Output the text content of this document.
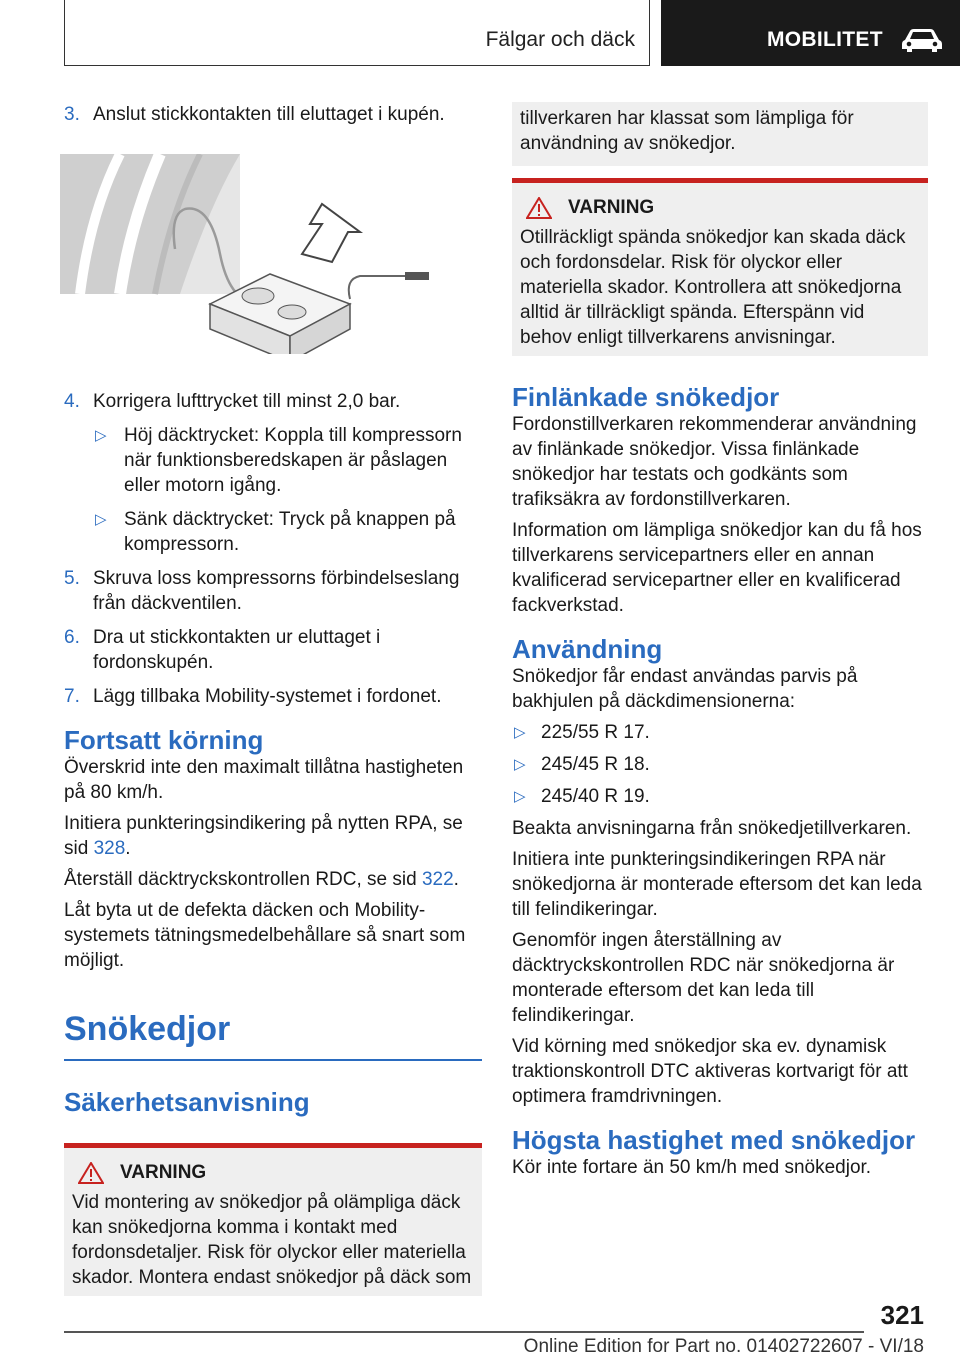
Fälgar och däck	MOBILITET
3. Anslut stickkontakten till eluttaget i kupén.
4. Korrigera lufttrycket till minst 2,0 bar.
▷ Höj däcktrycket: Koppla till kompressorn när funktionsberedskapen är påslagen eller motorn igång.
▷ Sänk däcktrycket: Tryck på knappen på kompressorn.
5. Skruva loss kompressorns förbindelseslang från däckventilen.
6. Dra ut stickkontakten ur eluttaget i fordonskupén.
7. Lägg tillbaka Mobility-systemet i fordonet.
Fortsatt körning

Överskrid inte den maximalt tillåtna hastigheten på 80 km/h.

Initiera punkteringsindikering på nytten RPA, se sid 328.

Återställ däcktryckskontrollen RDC, se sid 322.

Låt byta ut de defekta däcken och Mobility-systemets tätningsmedelbehållare så snart som möjligt.

Snökedjor
Säkerhetsanvisning
VARNING

Vid montering av snökedjor på olämpliga däck kan snökedjorna komma i kontakt med fordonsdetaljer. Risk för olyckor eller materiella skador. Montera endast snökedjor på däck som

tillverkaren har klassat som lämpliga för användning av snökedjor.

VARNING

Otillräckligt spända snökedjor kan skada däck och fordonsdelar. Risk för olyckor eller materiella skador. Kontrollera att snökedjorna alltid är tillräckligt spända. Efterspänn vid behov enligt tillverkarens anvisningar.

Finlänkade snökedjor

Fordonstillverkaren rekommenderar användning av finlänkade snökedjor. Vissa finlänkade snökedjor har testats och godkänts som trafiksäkra av fordonstillverkaren.

Information om lämpliga snökedjor kan du få hos tillverkarens servicepartners eller en annan kvalificerad servicepartner eller en kvalificerad fackverkstad.

Användning

Snökedjor får endast användas parvis på bakhjulen på däckdimensionerna:

▷ 225/55 R 17.
▷ 245/45 R 18.
▷ 245/40 R 19.

Beakta anvisningarna från snökedjetillverkaren.

Initiera inte punkteringsindikeringen RPA när snökedjorna är monterade eftersom det kan leda till felindikeringar.

Genomför ingen återställning av däcktryckskontrollen RDC när snökedjorna är monterade eftersom det kan leda till felindikeringar.

Vid körning med snökedjor ska ev. dynamisk traktionskontroll DTC aktiveras kortvarigt för att optimera framdrivningen.

Högsta hastighet med snökedjor

Kör inte fortare än 50 km/h med snökedjor.

321
Online Edition for Part no. 01402722607 - VI/18
